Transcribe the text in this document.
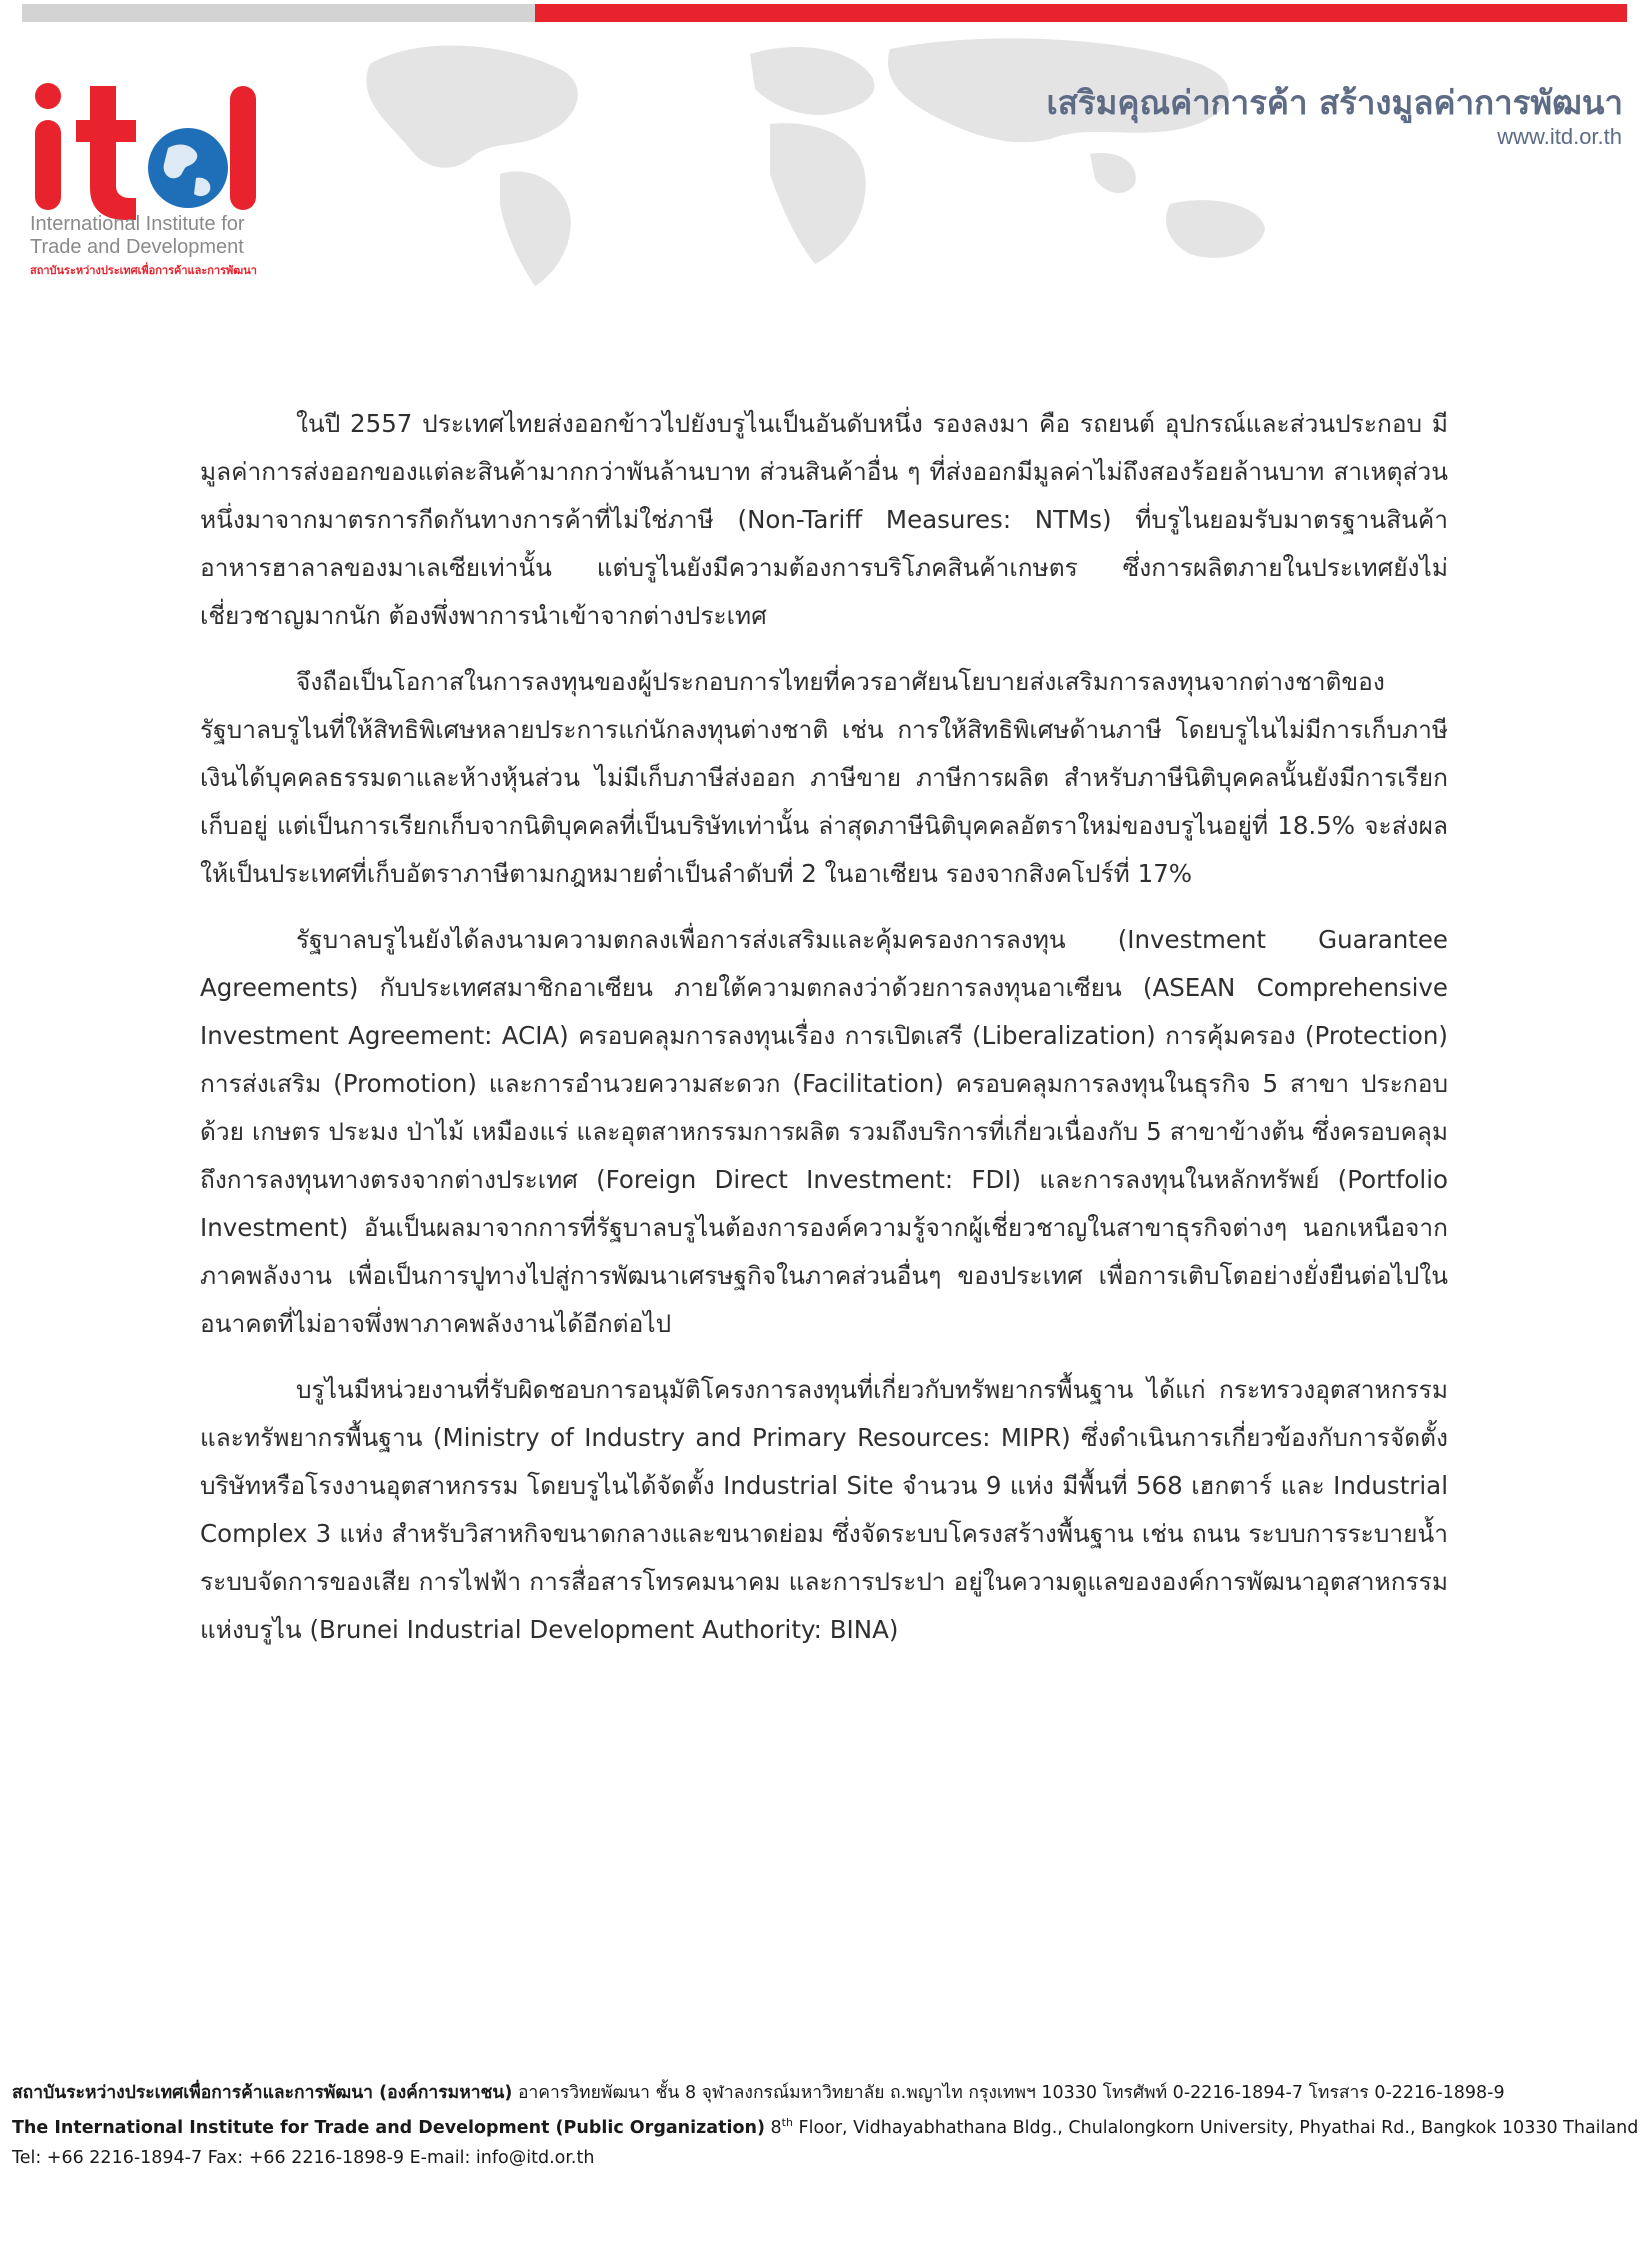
International Institute for
Trade and Development
สถาบันระหว่างประเทศเพื่อการค้าและการพัฒนา
เสริมคุณค่าการค้า สร้างมูลค่าการพัฒนา
www.itd.or.th

ในปี 2557 ประเทศไทยส่งออกข้าวไปยังบรูไนเป็นอันดับหนึ่ง รองลงมา คือ รถยนต์ อุปกรณ์และส่วนประกอบ มีมูลค่าการส่งออกของแต่ละสินค้ามากกว่าพันล้านบาท ส่วนสินค้าอื่น ๆ ที่ส่งออกมีมูลค่าไม่ถึงสองร้อยล้านบาท สาเหตุส่วนหนึ่งมาจากมาตรการกีดกันทางการค้าที่ไม่ใช่ภาษี (Non-Tariff Measures: NTMs) ที่บรูไนยอมรับมาตรฐานสินค้าอาหารฮาลาลของมาเลเซียเท่านั้น แต่บรูไนยังมีความต้องการบริโภคสินค้าเกษตร ซึ่งการผลิตภายในประเทศยังไม่เชี่ยวชาญมากนัก ต้องพึ่งพาการนำเข้าจากต่างประเทศ

จึงถือเป็นโอกาสในการลงทุนของผู้ประกอบการไทยที่ควรอาศัยนโยบายส่งเสริมการลงทุนจากต่างชาติของรัฐบาลบรูไนที่ให้สิทธิพิเศษหลายประการแก่นักลงทุนต่างชาติ เช่น การให้สิทธิพิเศษด้านภาษี โดยบรูไนไม่มีการเก็บภาษีเงินได้บุคคลธรรมดาและห้างหุ้นส่วน ไม่มีเก็บภาษีส่งออก ภาษีขาย ภาษีการผลิต สำหรับภาษีนิติบุคคลนั้นยังมีการเรียกเก็บอยู่ แต่เป็นการเรียกเก็บจากนิติบุคคลที่เป็นบริษัทเท่านั้น ล่าสุดภาษีนิติบุคคลอัตราใหม่ของบรูไนอยู่ที่ 18.5% จะส่งผลให้เป็นประเทศที่เก็บอัตราภาษีตามกฎหมายต่ำเป็นลำดับที่ 2 ในอาเซียน รองจากสิงคโปร์ที่ 17%

รัฐบาลบรูไนยังได้ลงนามความตกลงเพื่อการส่งเสริมและคุ้มครองการลงทุน (Investment Guarantee Agreements) กับประเทศสมาชิกอาเซียน ภายใต้ความตกลงว่าด้วยการลงทุนอาเซียน (ASEAN Comprehensive Investment Agreement: ACIA) ครอบคลุมการลงทุนเรื่อง การเปิดเสรี (Liberalization) การคุ้มครอง (Protection) การส่งเสริม (Promotion) และการอำนวยความสะดวก (Facilitation) ครอบคลุมการลงทุนในธุรกิจ 5 สาขา ประกอบด้วย เกษตร ประมง ป่าไม้ เหมืองแร่ และอุตสาหกรรมการผลิต รวมถึงบริการที่เกี่ยวเนื่องกับ 5 สาขาข้างต้น ซึ่งครอบคลุมถึงการลงทุนทางตรงจากต่างประเทศ (Foreign Direct Investment: FDI) และการลงทุนในหลักทรัพย์ (Portfolio Investment) อันเป็นผลมาจากการที่รัฐบาลบรูไนต้องการองค์ความรู้จากผู้เชี่ยวชาญในสาขาธุรกิจต่างๆ นอกเหนือจากภาคพลังงาน เพื่อเป็นการปูทางไปสู่การพัฒนาเศรษฐกิจในภาคส่วนอื่นๆ ของประเทศ เพื่อการเติบโตอย่างยั่งยืนต่อไปในอนาคตที่ไม่อาจพึ่งพาภาคพลังงานได้อีกต่อไป

บรูไนมีหน่วยงานที่รับผิดชอบการอนุมัติโครงการลงทุนที่เกี่ยวกับทรัพยากรพื้นฐาน ได้แก่ กระทรวงอุตสาหกรรมและทรัพยากรพื้นฐาน (Ministry of Industry and Primary Resources: MIPR) ซึ่งดำเนินการเกี่ยวข้องกับการจัดตั้งบริษัทหรือโรงงานอุตสาหกรรม โดยบรูไนได้จัดตั้ง Industrial Site จำนวน 9 แห่ง มีพื้นที่ 568 เฮกตาร์ และ Industrial Complex 3 แห่ง สำหรับวิสาหกิจขนาดกลางและขนาดย่อม ซึ่งจัดระบบโครงสร้างพื้นฐาน เช่น ถนน ระบบการระบายน้ำ ระบบจัดการของเสีย การไฟฟ้า การสื่อสารโทรคมนาคม และการประปา อยู่ในความดูแลขององค์การพัฒนาอุตสาหกรรมแห่งบรูไน (Brunei Industrial Development Authority: BINA)

สถาบันระหว่างประเทศเพื่อการค้าและการพัฒนา (องค์การมหาชน) อาคารวิทยพัฒนา ชั้น 8 จุฬาลงกรณ์มหาวิทยาลัย ถ.พญาไท กรุงเทพฯ 10330 โทรศัพท์ 0-2216-1894-7 โทรสาร 0-2216-1898-9
The International Institute for Trade and Development (Public Organization) 8th Floor, Vidhayabhathana Bldg., Chulalongkorn University, Phyathai Rd., Bangkok 10330 Thailand
Tel: +66 2216-1894-7 Fax: +66 2216-1898-9 E-mail: info@itd.or.th
